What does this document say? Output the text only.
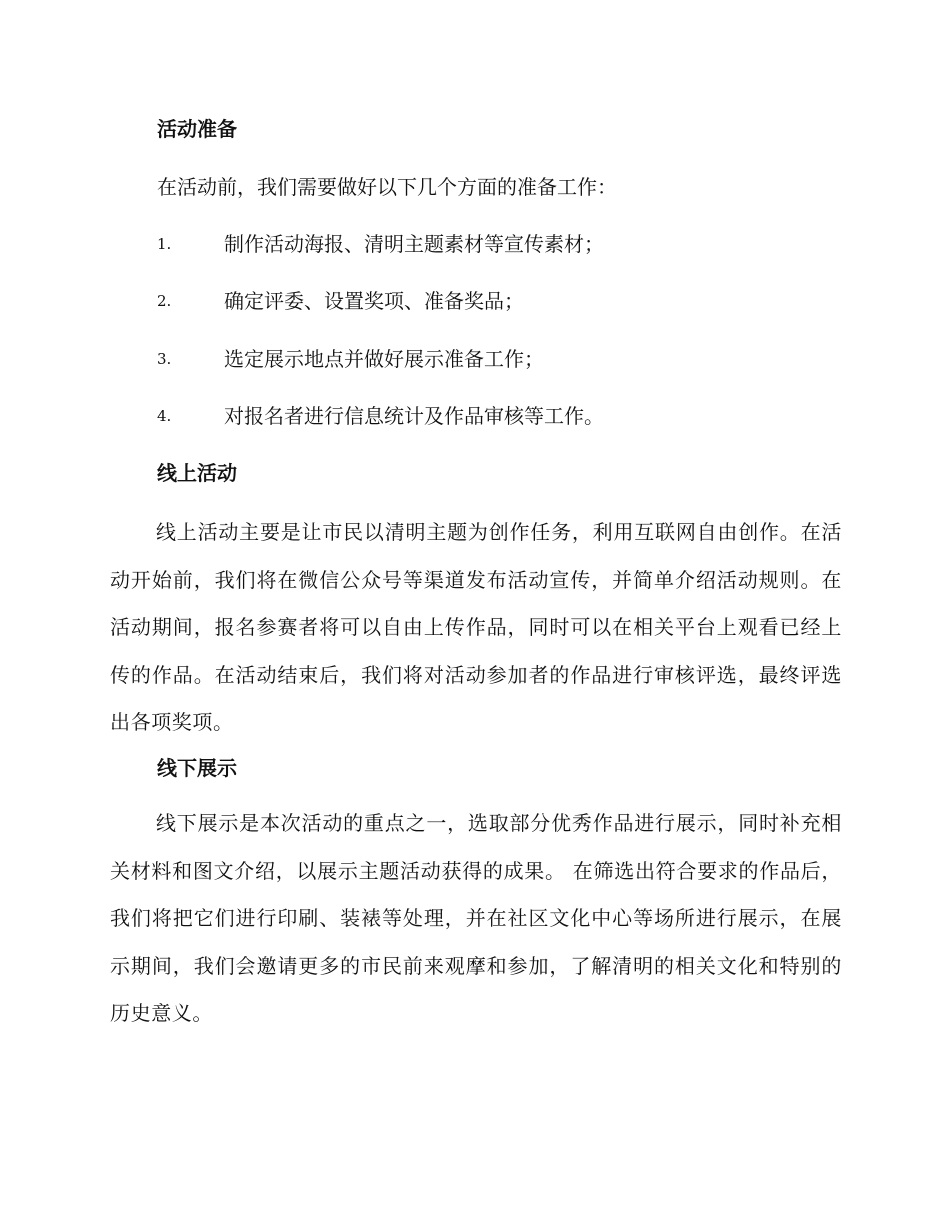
活动准备

在活动前，我们需要做好以下几个方面的准备工作：

1.	制作活动海报、清明主题素材等宣传素材；
2.	确定评委、设置奖项、准备奖品；
3.	选定展示地点并做好展示准备工作；
4.	对报名者进行信息统计及作品审核等工作。
线上活动

线上活动主要是让市民以清明主题为创作任务，利用互联网自由创作。在活动开始前，我们将在微信公众号等渠道发布活动宣传，并简单介绍活动规则。在活动期间，报名参赛者将可以自由上传作品，同时可以在相关平台上观看已经上传的作品。在活动结束后，我们将对活动参加者的作品进行审核评选，最终评选出各项奖项。

线下展示

线下展示是本次活动的重点之一，选取部分优秀作品进行展示，同时补充相关材料和图文介绍，以展示主题活动获得的成果。 在筛选出符合要求的作品后，我们将把它们进行印刷、装裱等处理，并在社区文化中心等场所进行展示，在展示期间，我们会邀请更多的市民前来观摩和参加，了解清明的相关文化和特别的历史意义。
